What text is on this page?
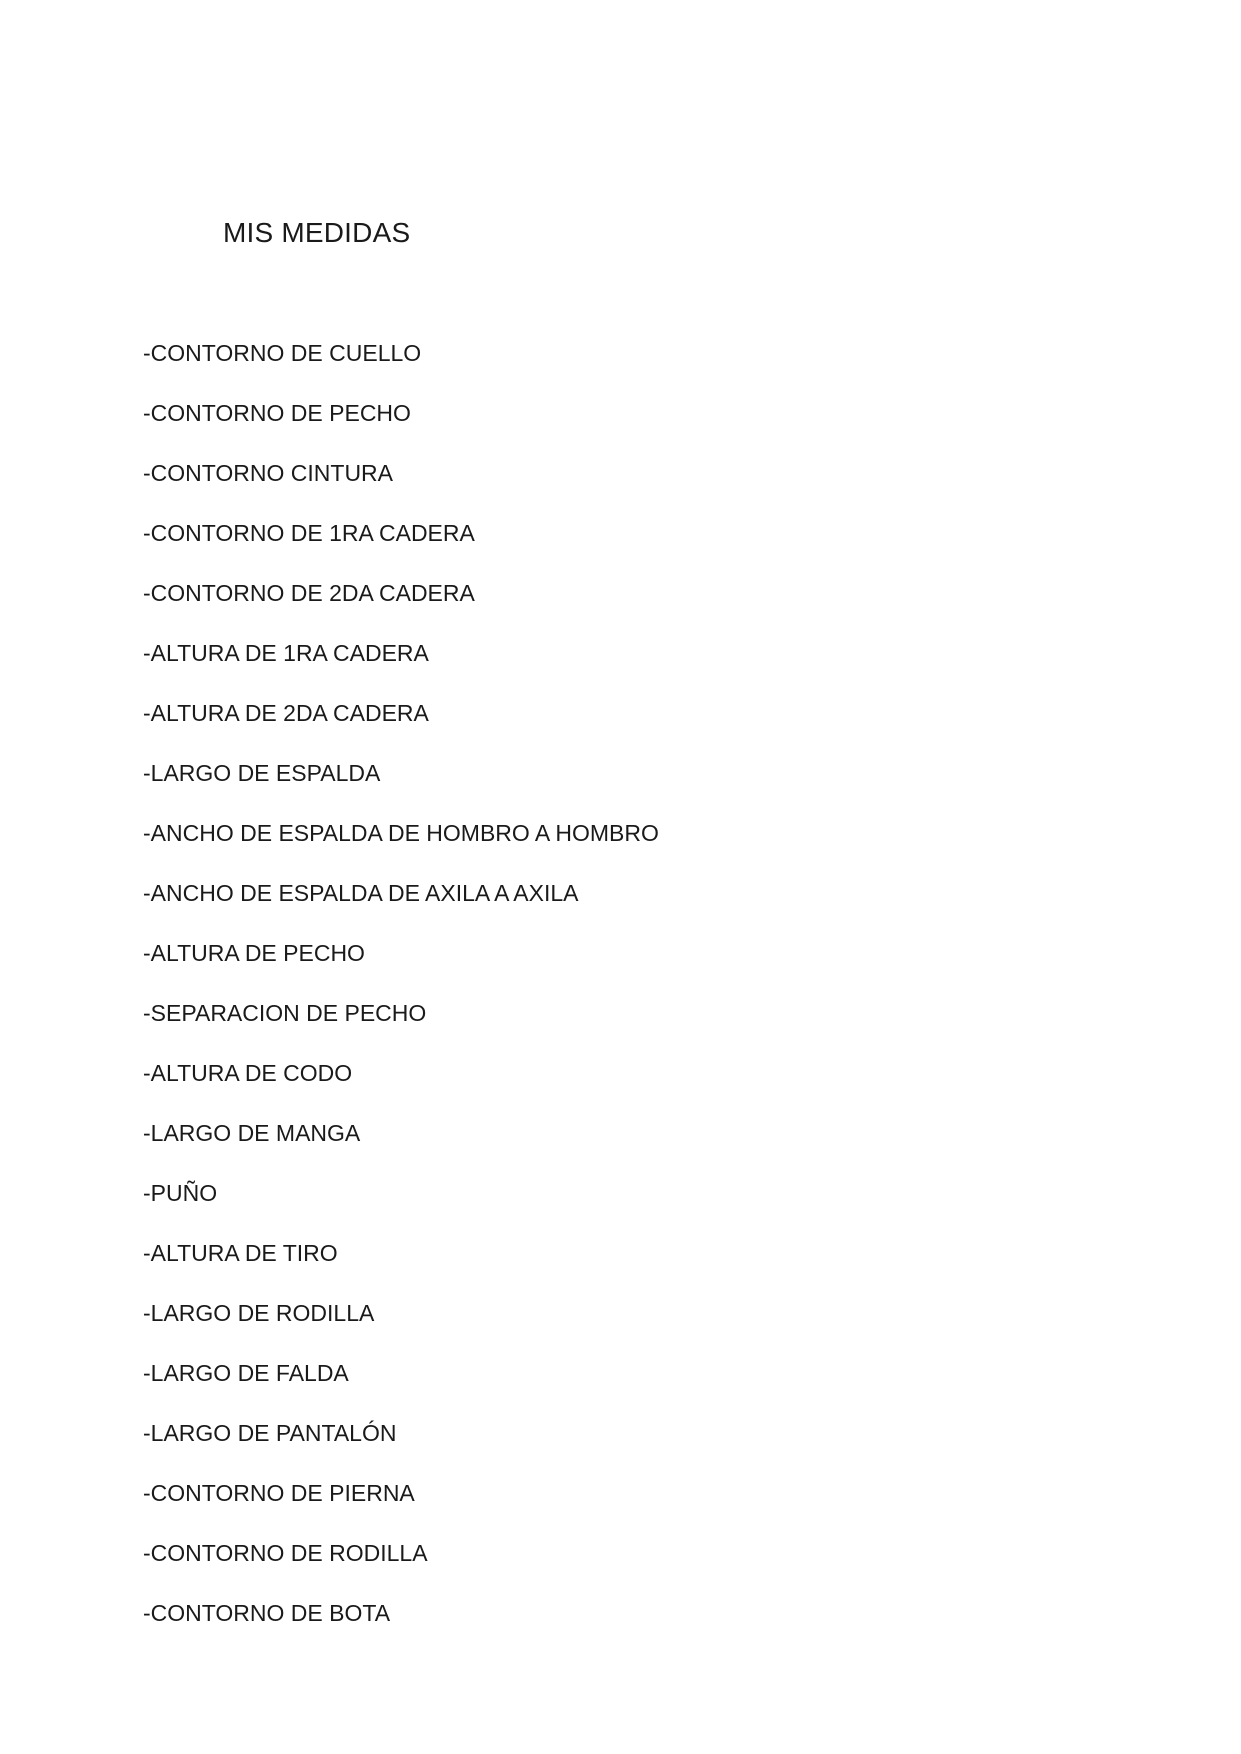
MIS MEDIDAS
-CONTORNO DE CUELLO
-CONTORNO DE PECHO
-CONTORNO CINTURA
-CONTORNO DE 1RA CADERA
-CONTORNO DE 2DA CADERA
-ALTURA DE 1RA CADERA
-ALTURA DE 2DA CADERA
-LARGO DE ESPALDA
-ANCHO DE ESPALDA DE HOMBRO A HOMBRO
-ANCHO DE ESPALDA DE AXILA A AXILA
-ALTURA DE PECHO
-SEPARACION DE PECHO
-ALTURA DE CODO
-LARGO DE MANGA
-PUÑO
-ALTURA DE TIRO
-LARGO DE RODILLA
-LARGO DE FALDA
-LARGO DE PANTALÓN
-CONTORNO DE PIERNA
-CONTORNO DE RODILLA
-CONTORNO DE BOTA
